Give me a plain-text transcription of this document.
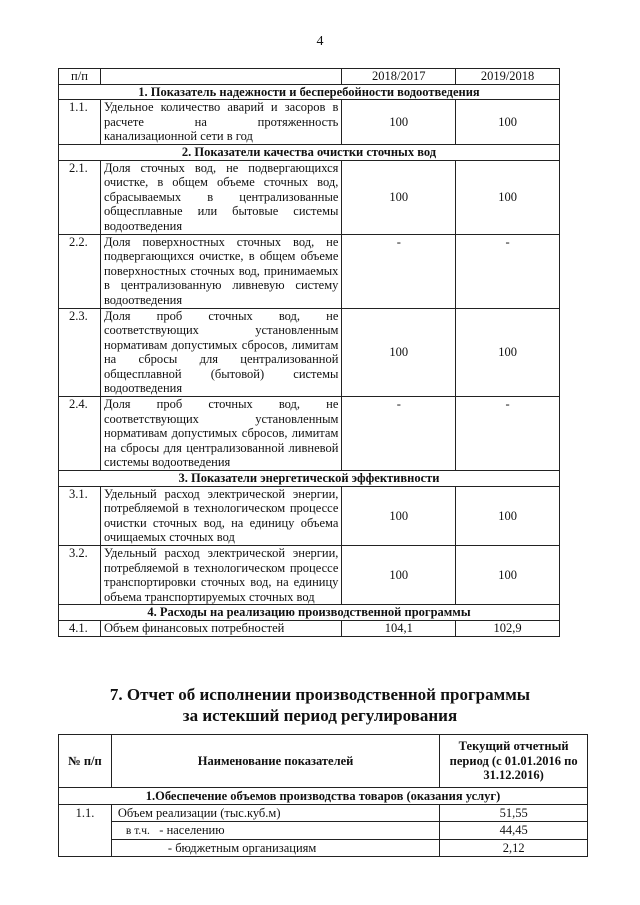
4
п/п		2018/2017	2019/2018
1. Показатель надежности и бесперебойности водоотведения			
1.1.	Удельное количество аварий и засоров в расчете на протяженность канализационной сети в год	100	100
2. Показатели качества очистки сточных вод			
2.1.	Доля сточных вод, не подвергающихся очистке, в общем объеме сточных вод, сбрасываемых в централизованные общесплавные или бытовые системы водоотведения	100	100
2.2.	Доля поверхностных сточных вод, не подвергающихся очистке, в общем объеме поверхностных сточных вод, принимаемых в централизованную ливневую систему водоотведения	-	-
2.3.	Доля проб сточных вод, не соответствующих установленным нормативам допустимых сбросов, лимитам на сбросы для централизованной общесплавной (бытовой) системы водоотведения	100	100
2.4.	Доля проб сточных вод, не соответствующих установленным нормативам допустимых сбросов, лимитам на сбросы для централизованной ливневой системы водоотведения	-	-
3. Показатели энергетической эффективности			
3.1.	Удельный расход электрической энергии, потребляемой в технологическом процессе очистки сточных вод, на единицу объема очищаемых сточных вод	100	100
3.2.	Удельный расход электрической энергии, потребляемой в технологическом процессе транспортировки сточных вод, на единицу объема транспортируемых сточных вод	100	100
4. Расходы на реализацию производственной программы			
4.1.	Объем финансовых потребностей	104,1	102,9
7. Отчет об исполнении производственной программы
за истекший период регулирования
№ п/п	Наименование показателей	Текущий отчетный период (с 01.01.2016 по 31.12.2016)
1.Обеспечение объемов производства товаров (оказания услуг)		
1.1.	Объем реализации (тыс.куб.м)	51,55
	в т.ч. - населению	44,45
	- бюджетным организациям	2,12
